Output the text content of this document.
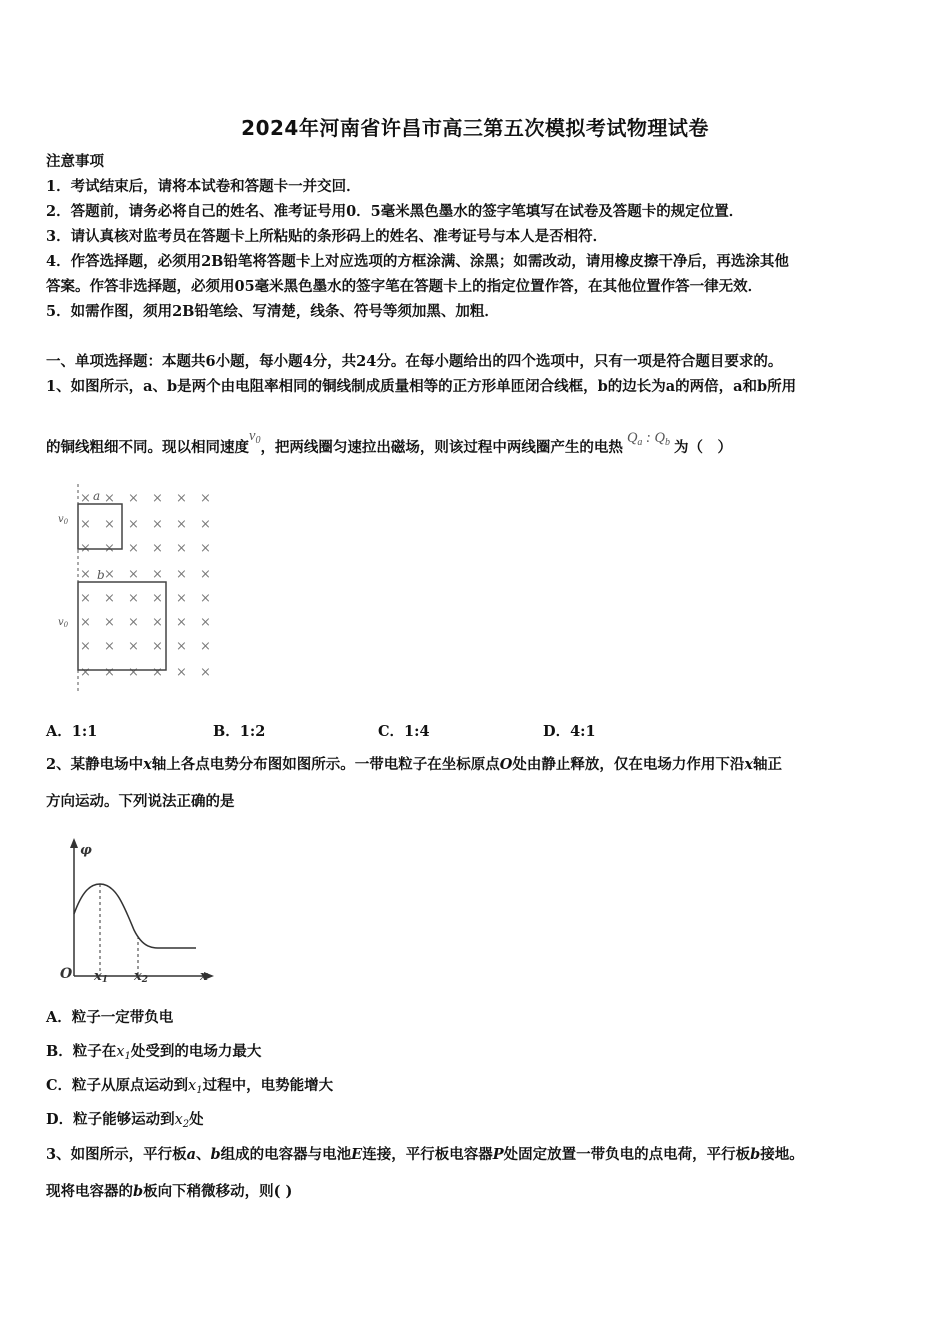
2024年河南省许昌市高三第五次模拟考试物理试卷
注意事项
1．考试结束后，请将本试卷和答题卡一并交回．
2．答题前，请务必将自己的姓名、准考证号用0．5毫米黑色墨水的签字笔填写在试卷及答题卡的规定位置．
3．请认真核对监考员在答题卡上所粘贴的条形码上的姓名、准考证号与本人是否相符．
4．作答选择题，必须用2B铅笔将答题卡上对应选项的方框涂满、涂黑；如需改动，请用橡皮擦干净后，再选涂其他
答案。作答非选择题，必须用05毫米黑色墨水的签字笔在答题卡上的指定位置作答，在其他位置作答一律无效．
5．如需作图，须用2B铅笔绘、写清楚，线条、符号等须加黑、加粗．
一、单项选择题：本题共6小题，每小题4分，共24分。在每小题给出的四个选项中，只有一项是符合题目要求的。
1、如图所示，a、b是两个由电阻率相同的铜线制成质量相等的正方形单匝闭合线框，b的边长为a的两倍，a和b所用
的铜线粗细不同。现以相同速度$v_0$，把两线圈匀速拉出磁场，则该过程中两线圈产生的电热$Q_a$ : $Q_b$ 为（　）
× × × × × ×
× × × × × ×
× × × × × ×
× × × × × ×
× × × × × ×
× × × × × ×
× × × × × ×
× × × × × ×
a
b
$v_0$
$v_0$
A．1:1	B．1:2	C．1:4	D．4:1
2、某静电场中x轴上各点电势分布图如图所示。一带电粒子在坐标原点O处由静止释放，仅在电场力作用下沿x轴正
方向运动。下列说法正确的是
φ
O x1 x2	x
A．粒子一定带负电
B．粒子在$x_1$处受到的电场力最大
C．粒子从原点运动到$x_1$过程中，电势能增大
D．粒子能够运动到$x_2$处
3、如图所示，平行板a、b组成的电容器与电池E连接，平行板电容器P处固定放置一带负电的点电荷，平行板b接地。
现将电容器的b板向下稍微移动，则( )
